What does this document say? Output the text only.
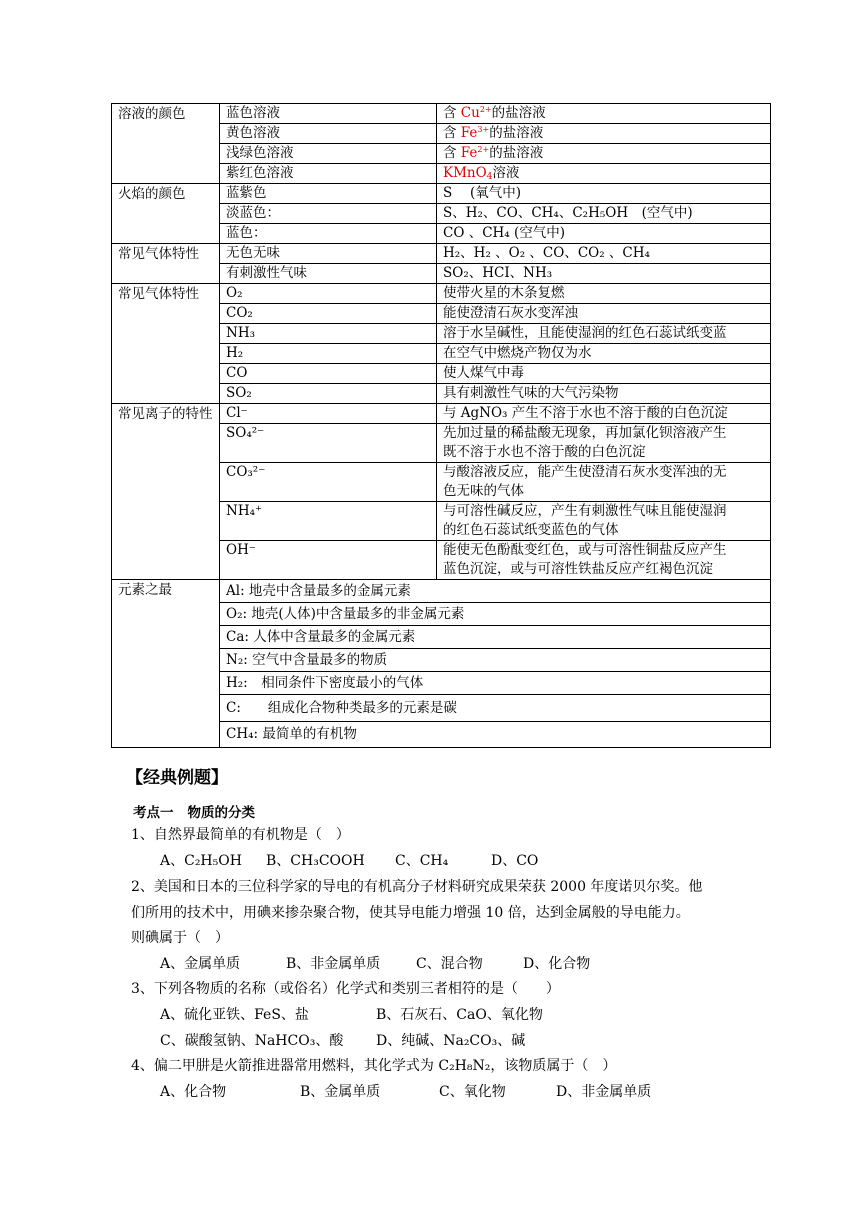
溶液的颜色	蓝色溶液	含 $Cu^{2+}$的盐溶液
	黄色溶液	含 $Fe^{3+}$的盐溶液
	浅绿色溶液	含 $Fe^{2+}$的盐溶液
	紫红色溶液	KMnO$_4$溶液
火焰的颜色	蓝紫色	S　 (氧气中)
	淡蓝色：	S、H₂、CO、CH₄、C₂H₅OH　(空气中)
	蓝色：	CO 、CH₄ (空气中)
常见气体特性	无色无味	H₂、H₂ 、O₂ 、CO、CO₂ 、CH₄
	有刺激性气味	SO₂、HCI、NH₃
常见气体特性	O₂	使带火星的木条复燃
	CO₂	能使澄清石灰水变浑浊
	NH₃	溶于水呈碱性，且能使湿润的红色石蕊试纸变蓝
	H₂	在空气中燃烧产物仅为水
	CO	使人煤气中毒
	SO₂	具有刺激性气味的大气污染物
常见离子的特性	Cl⁻	与 AgNO₃ 产生不溶于水也不溶于酸的白色沉淀
	SO₄²⁻	先加过量的稀盐酸无现象，再加氯化钡溶液产生
既不溶于水也不溶于酸的白色沉淀
	CO₃²⁻	与酸溶液反应，能产生使澄清石灰水变浑浊的无
色无味的气体
	NH₄⁺	与可溶性碱反应，产生有刺激性气味且能使湿润
的红色石蕊试纸变蓝色的气体
	OH⁻	能使无色酚酞变红色，或与可溶性铜盐反应产生
蓝色沉淀，或与可溶性铁盐反应产红褐色沉淀
元素之最	Al: 地壳中含量最多的金属元素	
	O₂: 地壳(人体)中含量最多的非金属元素	
	Ca: 人体中含量最多的金属元素	
	N₂: 空气中含量最多的物质	
	H₂:　相同条件下密度最小的气体	
	C:　　组成化合物种类最多的元素是碳	
	CH₄: 最简单的有机物	
【经典例题】
考点一 物质的分类
1、自然界最简单的有机物是（　）
A、C₂H₅OH B、CH₃COOH C、CH₄	D、CO
2、美国和日本的三位科学家的导电的有机高分子材料研究成果荣获 2000 年度诺贝尔奖。他
们所用的技术中，用碘来掺杂聚合物，使其导电能力增强 10 倍，达到金属般的导电能力。
则碘属于（　）
A、金属单质	B、非金属单质	C、混合物	D、化合物
3、下列各物质的名称（或俗名）化学式和类别三者相符的是（　　）
A、硫化亚铁、FeS、盐	B、石灰石、CaO、氧化物
C、碳酸氢钠、NaHCO₃、酸 D、纯碱、Na₂CO₃、碱
4、偏二甲肼是火箭推进器常用燃料，其化学式为 C₂H₈N₂，该物质属于（　）
A、化合物	B、金属单质	C、氧化物	D、非金属单质
